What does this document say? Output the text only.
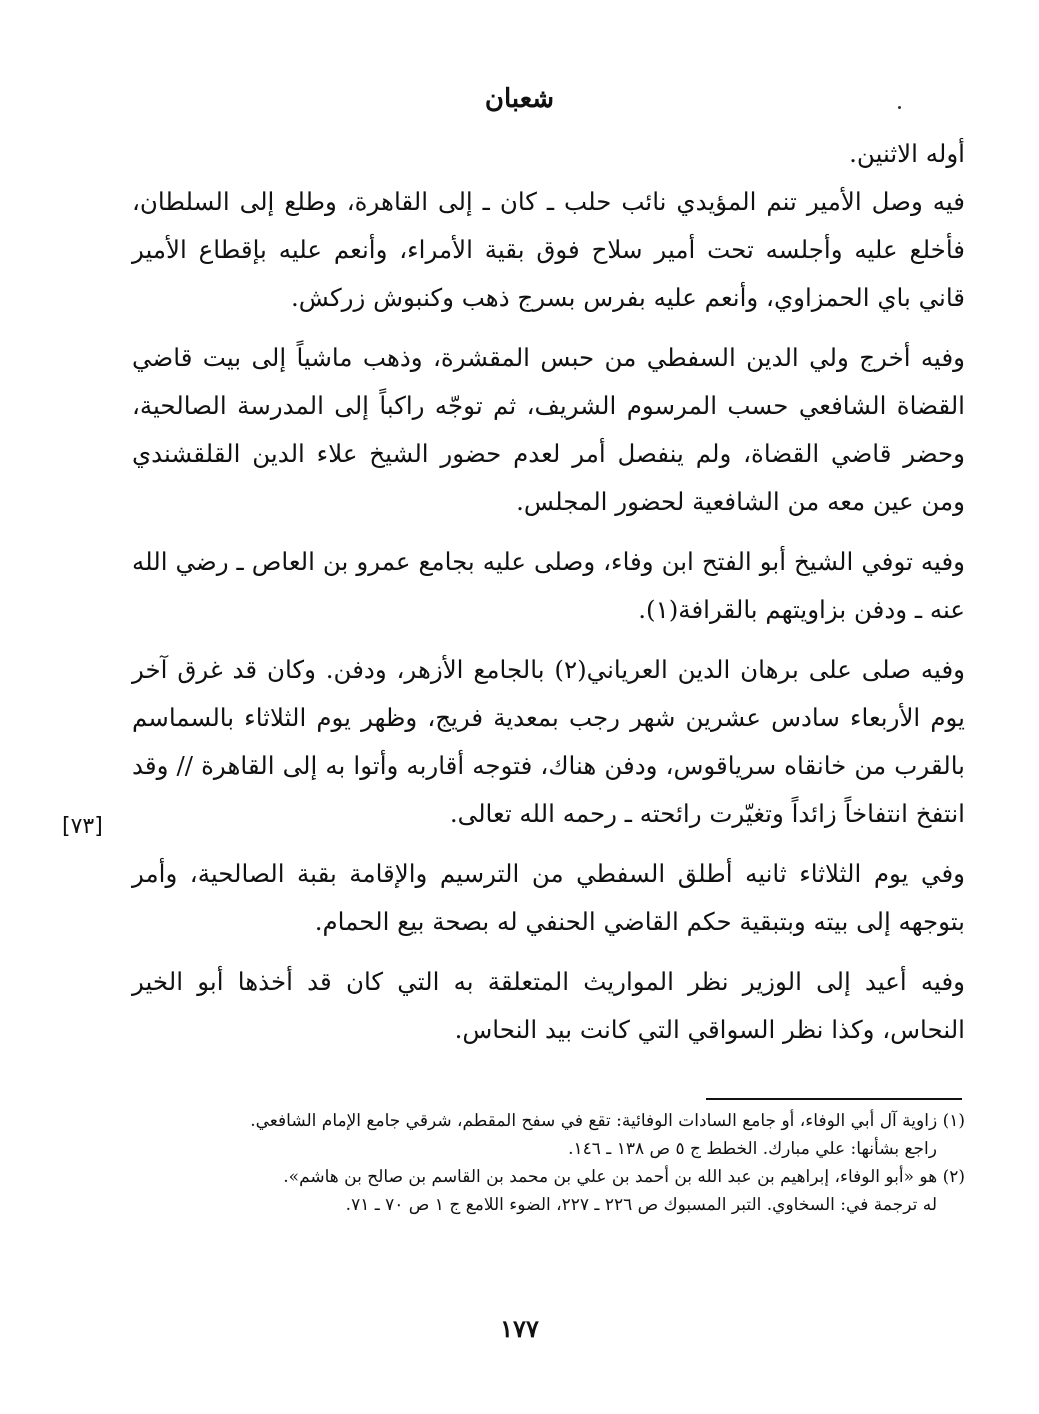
شعبان

أوله الاثنين.

فيه وصل الأمير تنم المؤيدي نائب حلب ـ كان ـ إلى القاهرة، وطلع إلى السلطان، فأخلع عليه وأجلسه تحت أمير سلاح فوق بقية الأمراء، وأنعم عليه بإقطاع الأمير قاني باي الحمزاوي، وأنعم عليه بفرس بسرج ذهب وكنبوش زركش.

وفيه أخرج ولي الدين السفطي من حبس المقشرة، وذهب ماشياً إلى بيت قاضي القضاة الشافعي حسب المرسوم الشريف، ثم توجّه راكباً إلى المدرسة الصالحية، وحضر قاضي القضاة، ولم ينفصل أمر لعدم حضور الشيخ علاء الدين القلقشندي ومن عين معه من الشافعية لحضور المجلس.

وفيه توفي الشيخ أبو الفتح ابن وفاء، وصلى عليه بجامع عمرو بن العاص ـ رضي الله عنه ـ ودفن بزاويتهم بالقرافة(١).

وفيه صلى على برهان الدين العرياني(٢) بالجامع الأزهر، ودفن. وكان قد غرق آخر يوم الأربعاء سادس عشرين شهر رجب بمعدية فريج، وظهر يوم الثلاثاء بالسماسم بالقرب من خانقاه سرياقوس، ودفن هناك، فتوجه أقاربه وأتوا به إلى القاهرة // وقد انتفخ انتفاخاً زائداً وتغيّرت رائحته ـ رحمه الله تعالى.

وفي يوم الثلاثاء ثانيه أطلق السفطي من الترسيم والإقامة بقبة الصالحية، وأمر بتوجهه إلى بيته وبتبقية حكم القاضي الحنفي له بصحة بيع الحمام.

وفيه أعيد إلى الوزير نظر المواريث المتعلقة به التي كان قد أخذها أبو الخير النحاس، وكذا نظر السواقي التي كانت بيد النحاس.

[٧٣]

(١) زاوية آل أبي الوفاء، أو جامع السادات الوفائية: تقع في سفح المقطم، شرقي جامع الإمام الشافعي.

راجع بشأنها: علي مبارك. الخطط ج ٥ ص ١٣٨ ـ ١٤٦.

(٢) هو «أبو الوفاء، إبراهيم بن عبد الله بن أحمد بن علي بن محمد بن القاسم بن صالح بن هاشم».

له ترجمة في: السخاوي. التبر المسبوك ص ٢٢٦ ـ ٢٢٧، الضوء اللامع ج ١ ص ٧٠ ـ ٧١.

١٧٧
